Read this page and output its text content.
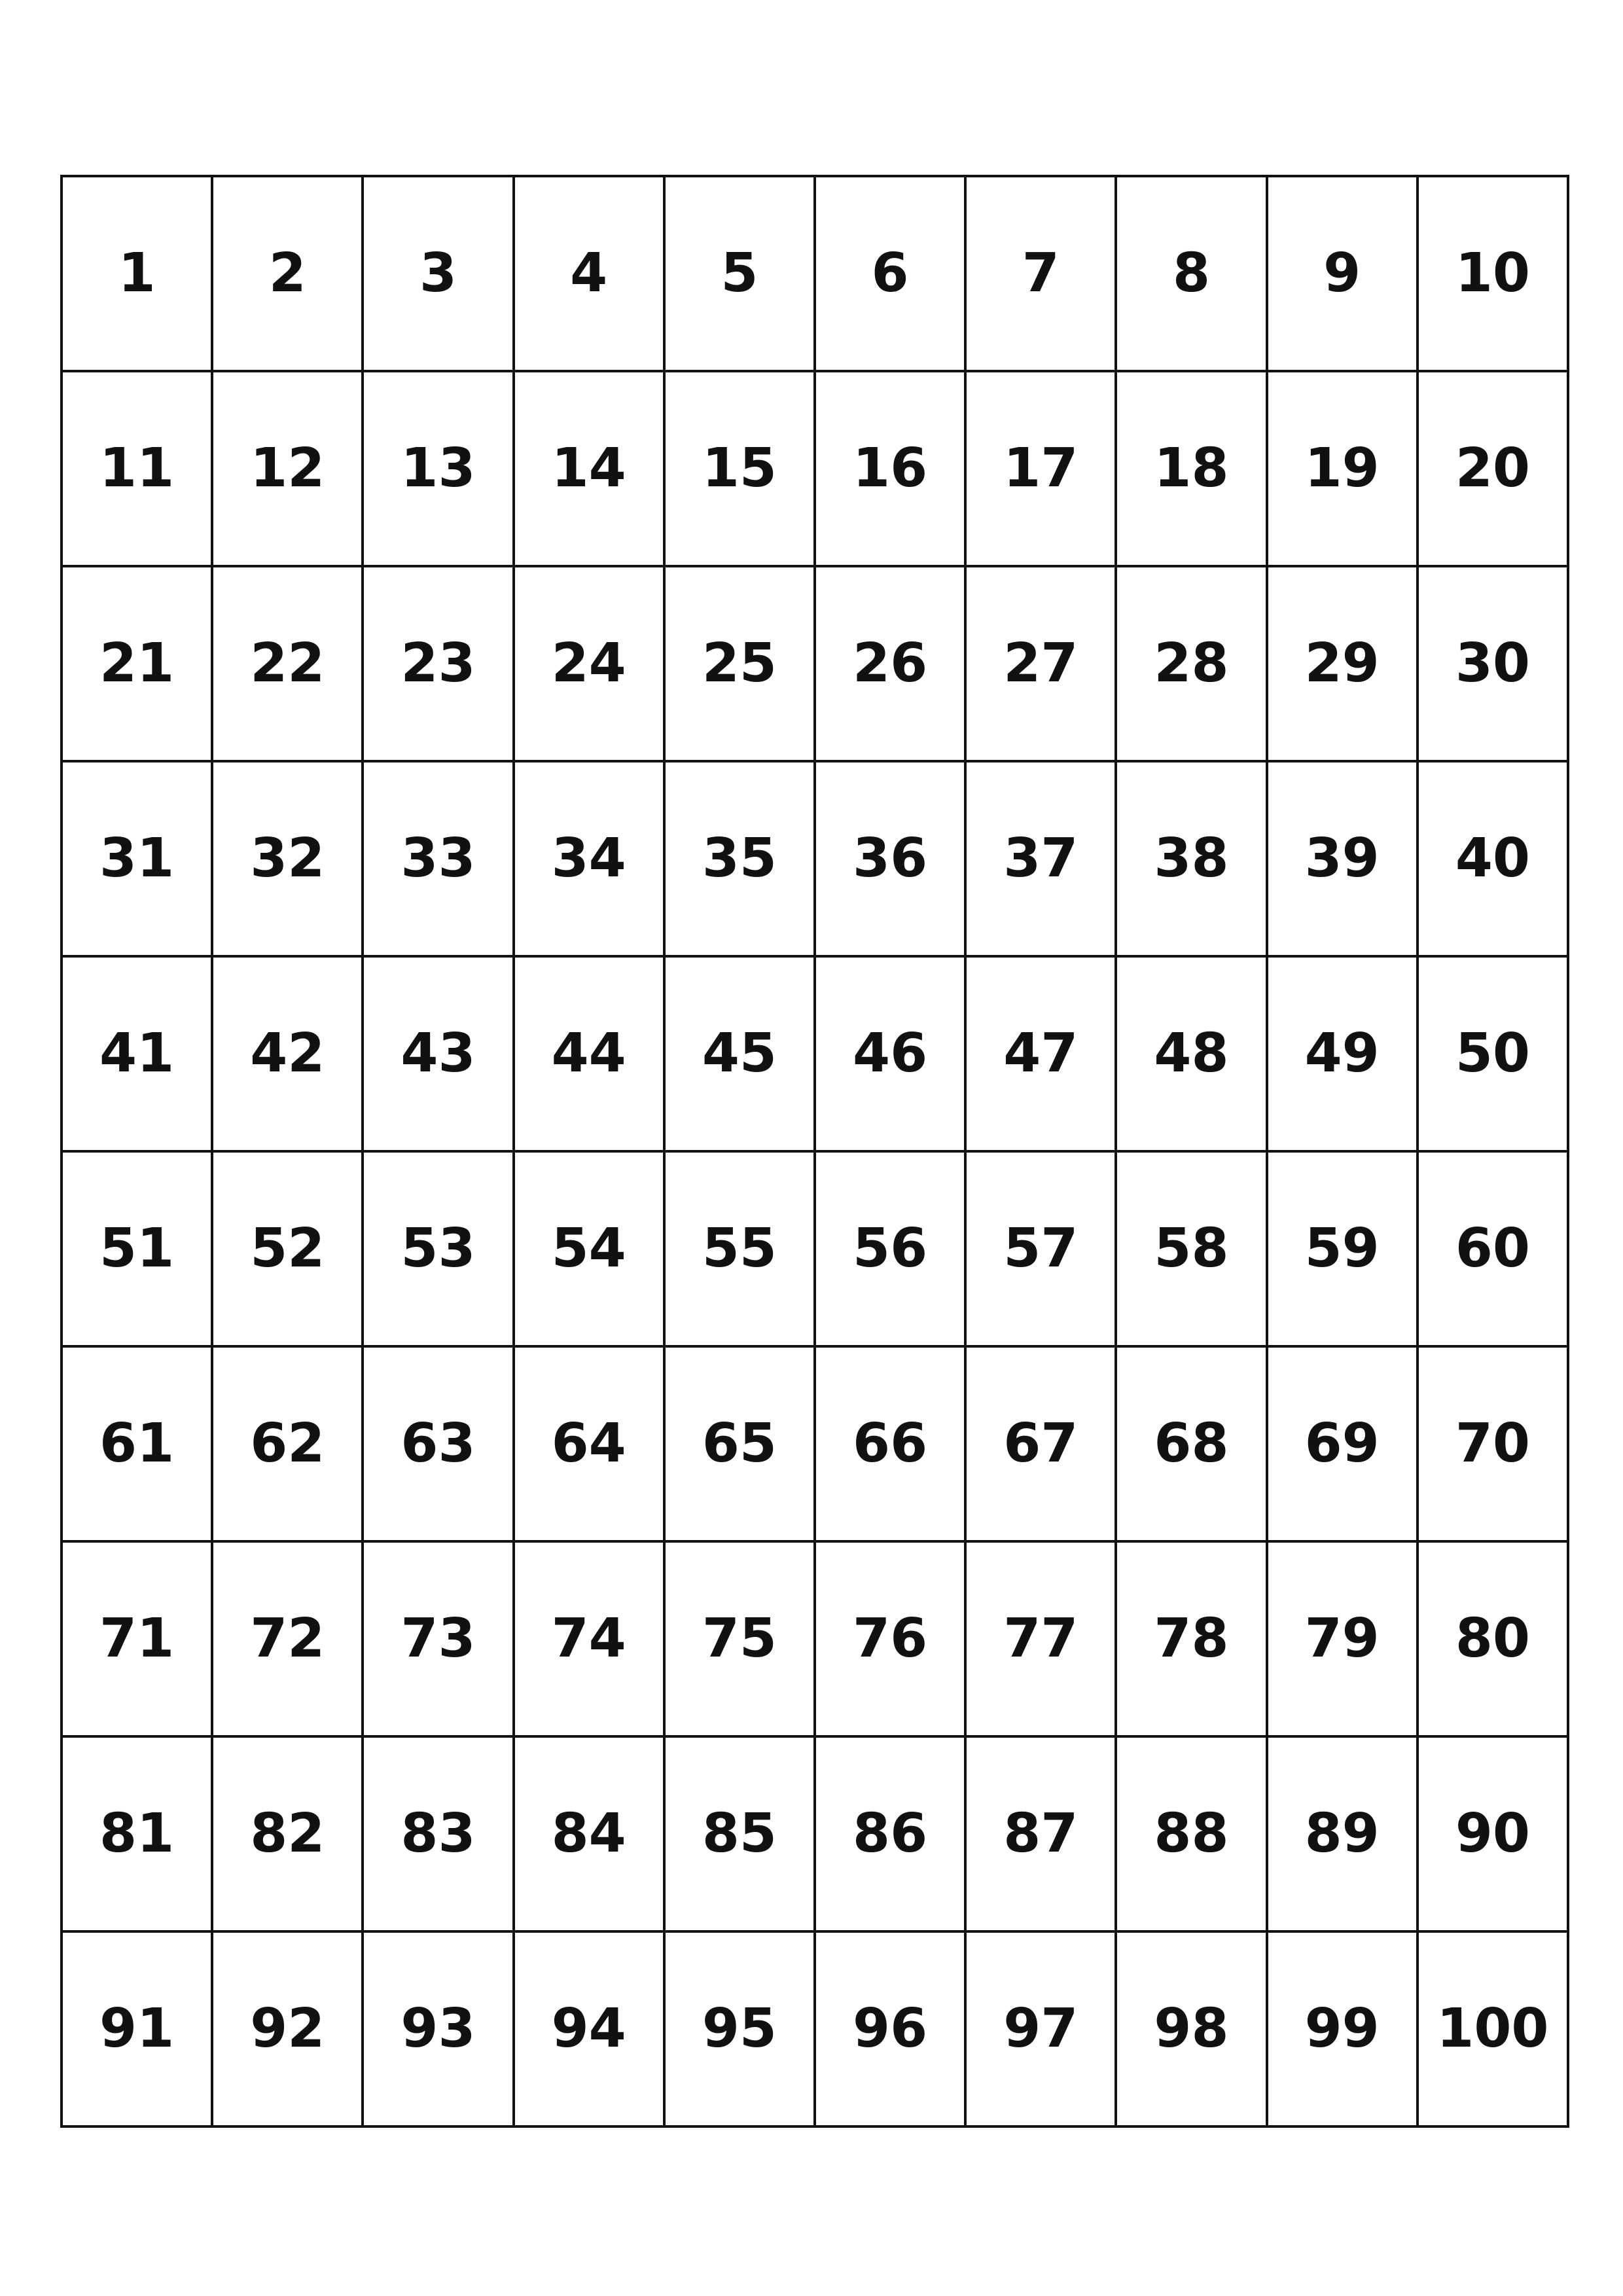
1	2	3	4	5	6	7	8	9	10
11	12	13	14	15	16	17	18	19	20
21	22	23	24	25	26	27	28	29	30
31	32	33	34	35	36	37	38	39	40
41	42	43	44	45	46	47	48	49	50
51	52	53	54	55	56	57	58	59	60
61	62	63	64	65	66	67	68	69	70
71	72	73	74	75	76	77	78	79	80
81	82	83	84	85	86	87	88	89	90
91	92	93	94	95	96	97	98	99	100
